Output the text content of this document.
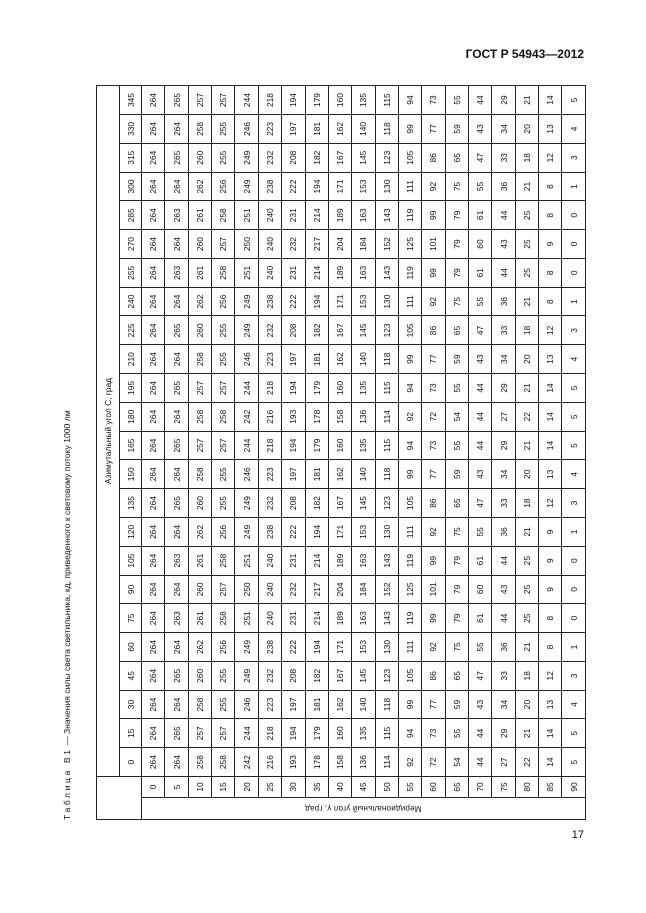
ГОСТ Р 54943—2012
Таблица В1 — Значения силы света светильника, кд, приведенного к световому потоку 1000 лм
		Азимутальный угол С, град																							
		0	15	30	45	60	75	90	105	120	135	150	165	180	195	210	225	240	255	270	285	300	315	330	345

Меридиональный угол γ, град	0	264	264	264	264	264	264	264	264	264	264	264	264	264	264	264	264	264	264	264	264	264	264	264	264
	5	264	265	264	265	264	263	264	263	264	265	264	265	264	265	264	265	264	263	264	263	264	265	264	265
	10	258	257	258	260	262	261	260	261	262	260	258	257	258	257	258	260	262	261	260	261	262	260	258	257
	15	258	257	255	255	256	258	257	258	256	255	255	257	258	257	255	255	256	258	257	258	256	255	255	257
	20	242	244	246	249	249	251	250	251	249	249	246	244	242	244	246	249	249	251	250	251	249	249	246	244
	25	216	218	223	232	238	240	240	240	238	232	223	218	216	218	223	232	238	240	240	240	238	232	223	218
	30	193	194	197	208	222	231	232	231	222	208	197	194	193	194	197	208	222	231	232	231	222	208	197	194
	35	178	179	181	182	194	214	217	214	194	182	181	179	178	179	181	182	194	214	217	214	194	182	181	179
	40	158	160	162	167	171	189	204	189	171	167	162	160	158	160	162	167	171	189	204	189	171	167	162	160
	45	136	135	140	145	153	163	184	163	153	145	140	135	136	135	140	145	153	163	184	163	153	145	140	135
	50	114	115	118	123	130	143	152	143	130	123	118	115	114	115	118	123	130	143	152	143	130	123	118	115
	55	92	94	99	105	111	119	125	119	111	105	99	94	92	94	99	105	111	119	125	119	111	105	99	94
	60	72	73	77	86	92	99	101	99	92	86	77	73	72	73	77	86	92	99	101	99	92	86	77	73
	65	54	55	59	65	75	79	79	79	75	65	59	55	54	55	59	65	75	79	79	79	75	65	59	55
	70	44	44	43	47	55	61	60	61	55	47	43	44	44	44	43	47	55	61	60	61	55	47	43	44
	75	27	29	34	33	36	44	43	44	36	33	34	29	27	29	34	33	36	44	43	44	36	33	34	29
	80	22	21	20	18	21	25	25	25	21	18	20	21	22	21	20	18	21	25	25	25	21	18	20	21
	85	14	14	13	12	8	8	9	9	9	12	13	14	14	14	13	12	8	8	9	8	8	12	13	14
	90	5	5	4	3	1	0	0	0	1	3	4	5	5	5	4	3	1	0	0	0	1	3	4	5
17
